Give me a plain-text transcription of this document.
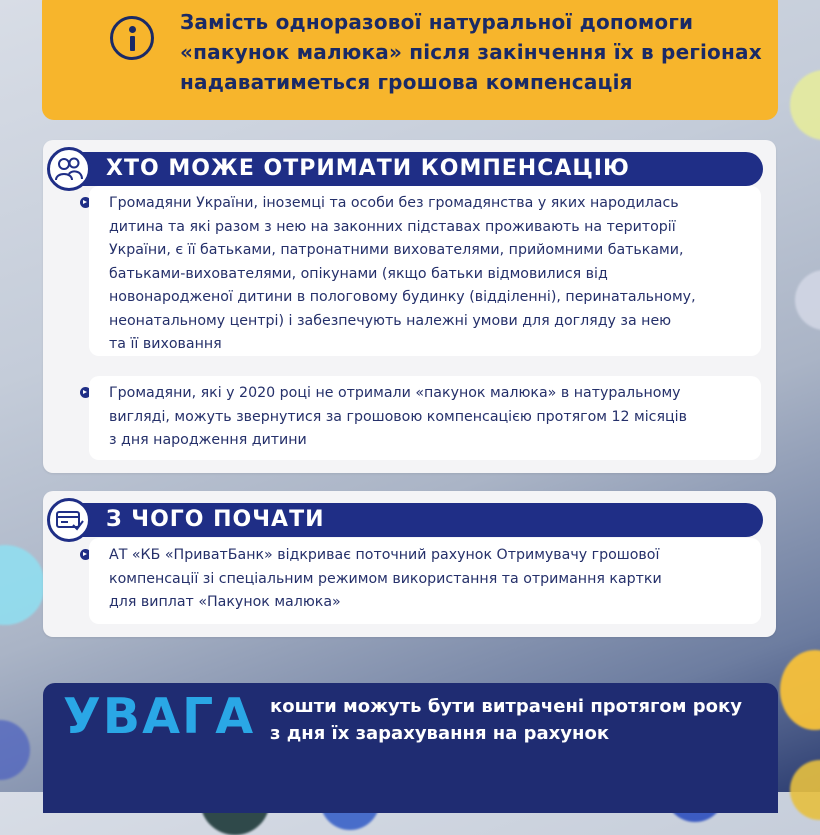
Замість одноразової натуральної допомоги
«пакунок малюка» після закінчення їх в регіонах
надаватиметься грошова компенсація
ХТО МОЖЕ ОТРИМАТИ КОМПЕНСАЦІЮ
Громадяни України, іноземці та особи без громадянства у яких народилась
дитина та які разом з нею на законних підставах проживають на території
України, є її батьками, патронатними вихователями, прийомними батьками,
батьками-вихователями, опікунами (якщо батьки відмовилися від
новонародженої дитини в пологовому будинку (відділенні), перинатальному,
неонатальному центрі) і забезпечують належні умови для догляду за нею
та її виховання
Громадяни, які у 2020 році не отримали «пакунок малюка» в натуральному
вигляді, можуть звернутися за грошовою компенсацією протягом 12 місяців
з дня народження дитини
З ЧОГО ПОЧАТИ
АТ «КБ «ПриватБанк» відкриває поточний рахунок Отримувачу грошової
компенсації зі спеціальним режимом використання та отримання картки
для виплат «Пакунок малюка»
УВАГА кошти можуть бути витрачені протягом року
з дня їх зарахування на рахунок
